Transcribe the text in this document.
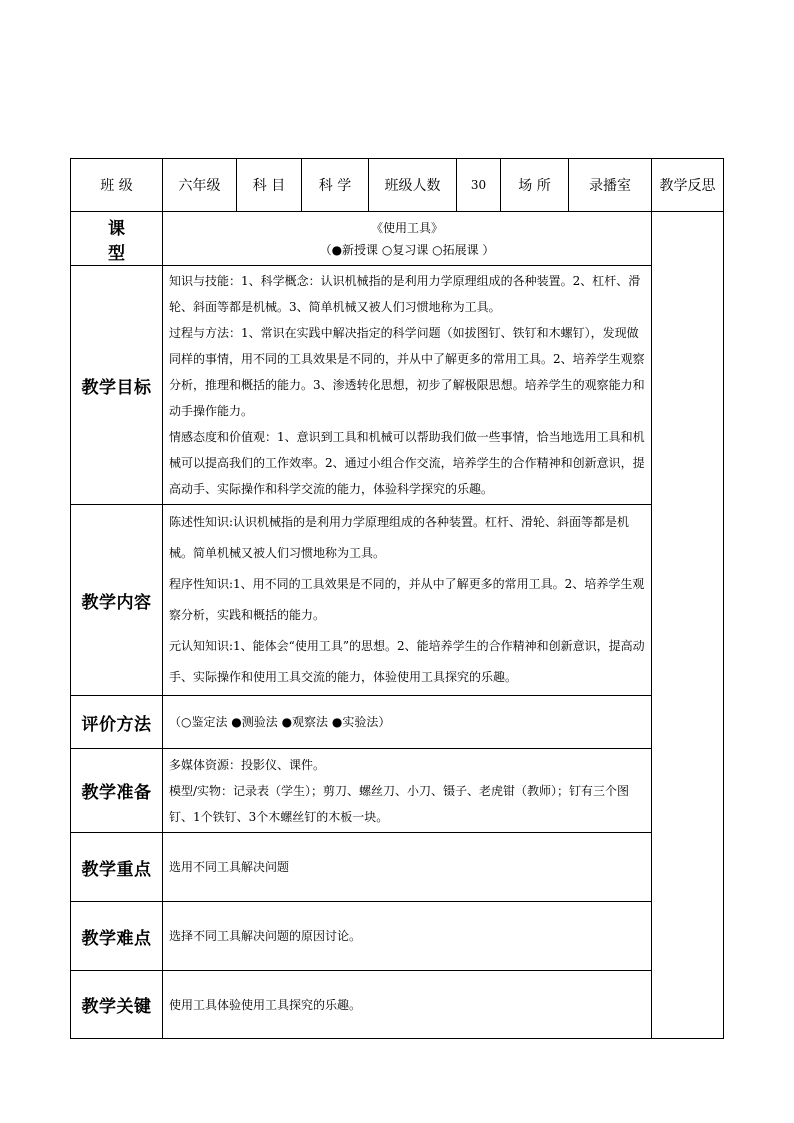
班 级	六年级	科 目	科 学	班级人数	30	场 所	录播室	教学反思
课 型	《使用工具》
（●新授课 ○复习课 ○拓展课 ）							

教学目标	知识与技能：1、科学概念：认识机械指的是利用力学原理组成的各种装置。2、杠杆、滑轮、斜面等都是机械。3、简单机械又被人们习惯地称为工具。

过程与方法：1、常识在实践中解决指定的科学问题（如拔图钉、铁钉和木螺钉），发现做同样的事情，用不同的工具效果是不同的，并从中了解更多的常用工具。2、培养学生观察分析，推理和概括的能力。3、渗透转化思想，初步了解极限思想。培养学生的观察能力和动手操作能力。

情感态度和价值观：1、意识到工具和机械可以帮助我们做一些事情，恰当地选用工具和机械可以提高我们的工作效率。2、通过小组合作交流，培养学生的合作精神和创新意识，提高动手、实际操作和科学交流的能力，体验科学探究的乐趣。							

教学内容	陈述性知识:认识机械指的是利用力学原理组成的各种装置。杠杆、滑轮、斜面等都是机械。简单机械又被人们习惯地称为工具。

程序性知识:1、用不同的工具效果是不同的，并从中了解更多的常用工具。2、培养学生观察分析，实践和概括的能力。

元认知知识:1、能体会“使用工具”的思想。2、能培养学生的合作精神和创新意识，提高动手、实际操作和使用工具交流的能力，体验使用工具探究的乐趣。							

评价方法	（○鉴定法 ●测验法 ●观察法 ●实验法）							
教学准备	多媒体资源：投影仪、课件。

模型/实物：记录表（学生）；剪刀、螺丝刀、小刀、镊子、老虎钳（教师）；钉有三个图钉、1个铁钉、3个木螺丝钉的木板一块。							

教学重点	选用不同工具解决问题							
教学难点	选择不同工具解决问题的原因讨论。							
教学关键	使用工具体验使用工具探究的乐趣。							
